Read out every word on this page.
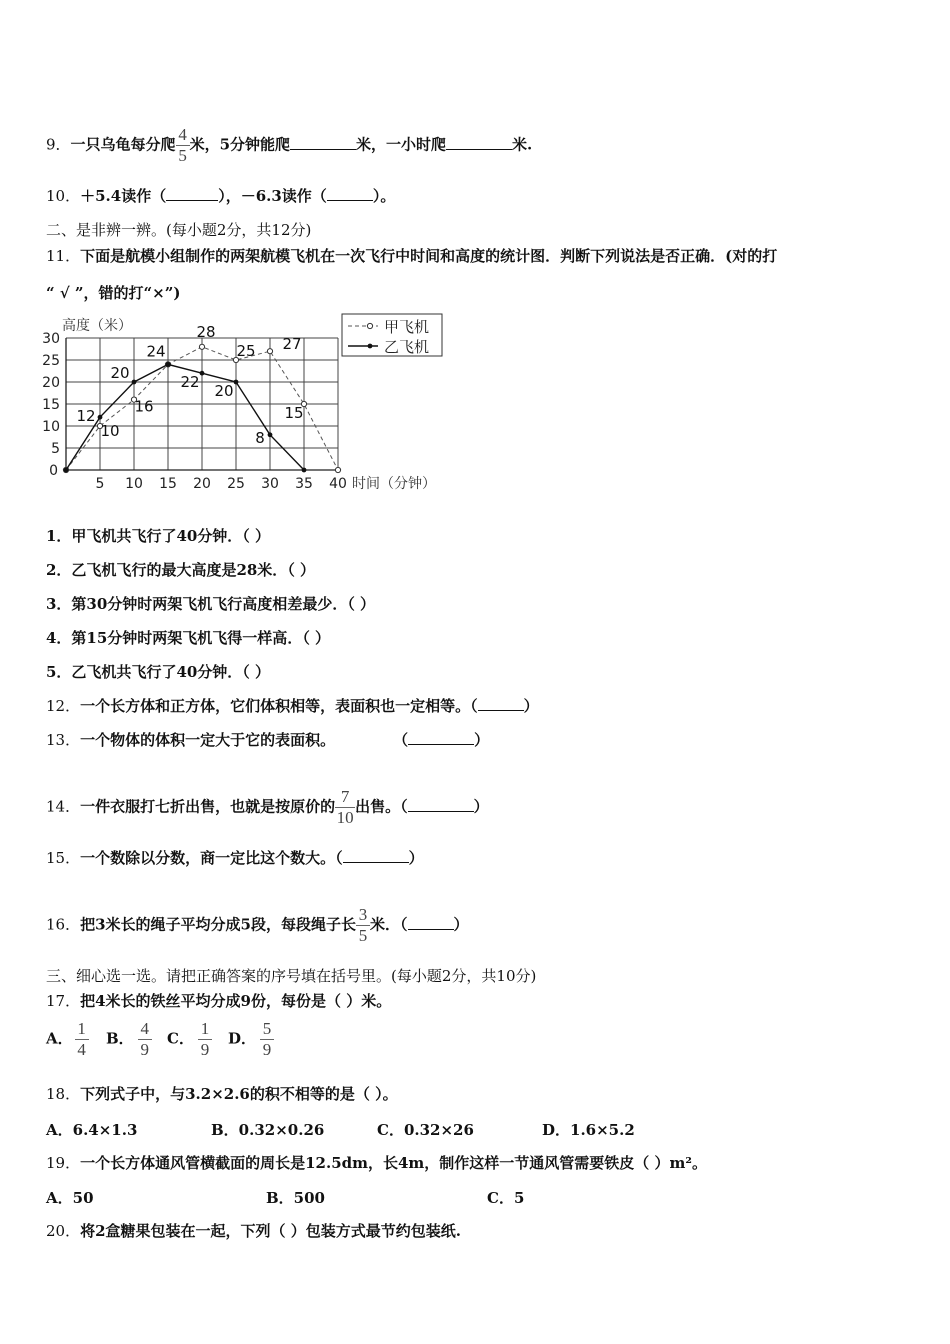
9．一只乌龟每分爬 $\frac{4}{5}$ 米，5分钟能爬	米，一小时爬	米.
10．＋5.4读作（	），－6.3读作（	）。
二、是非辨一辨。(每小题2分，共12分)
11．下面是航模小组制作的两架航模飞机在一次飞行中时间和高度的统计图．判断下列说法是否正确．(对的打
“ √ ”，错的打“×”)
5
10
15
20
25
30
5 10 15 20 25 30 35 40
0
高度（米）
时间（分钟）
10
16
28
25 27
15
12
20
24
22 20
8
甲飞机
乙飞机
1．甲飞机共飞行了40分钟．（ ）
2．乙飞机飞行的最大高度是28米．（ ）
3．第30分钟时两架飞机飞行高度相差最少．（ ）
4．第15分钟时两架飞机飞得一样高．（ ）
5．乙飞机共飞行了40分钟．（ ）
12．一个长方体和正方体，它们体积相等，表面积也一定相等。（	）
13．一个物体的体积一定大于它的表面积。	（	）
14．一件衣服打七折出售，也就是按原价的 $\frac{7}{10}$ 出售。（	）
15．一个数除以分数，商一定比这个数大。（	）
16．把3米长的绳子平均分成5段，每段绳子长 $\frac{3}{5}$ 米．（	）
三、细心选一选。请把正确答案的序号填在括号里。(每小题2分，共10分)
17．把4米长的铁丝平均分成9份，每份是（ ）米。
A． $\frac{1}{4}$ B． $\frac{4}{9}$ C． $\frac{1}{9}$ D． $\frac{5}{9}$
18．下列式子中，与3.2×2.6的积不相等的是（ ）。
A．6.4×1.3	B．0.32×0.26	C．0.32×26	D．1.6×5.2
19．一个长方体通风管横截面的周长是12.5dm，长4m，制作这样一节通风管需要铁皮（ ）m²。
A．50	B．500	C．5
20．将2盒糖果包装在一起，下列（ ）包装方式最节约包装纸.
